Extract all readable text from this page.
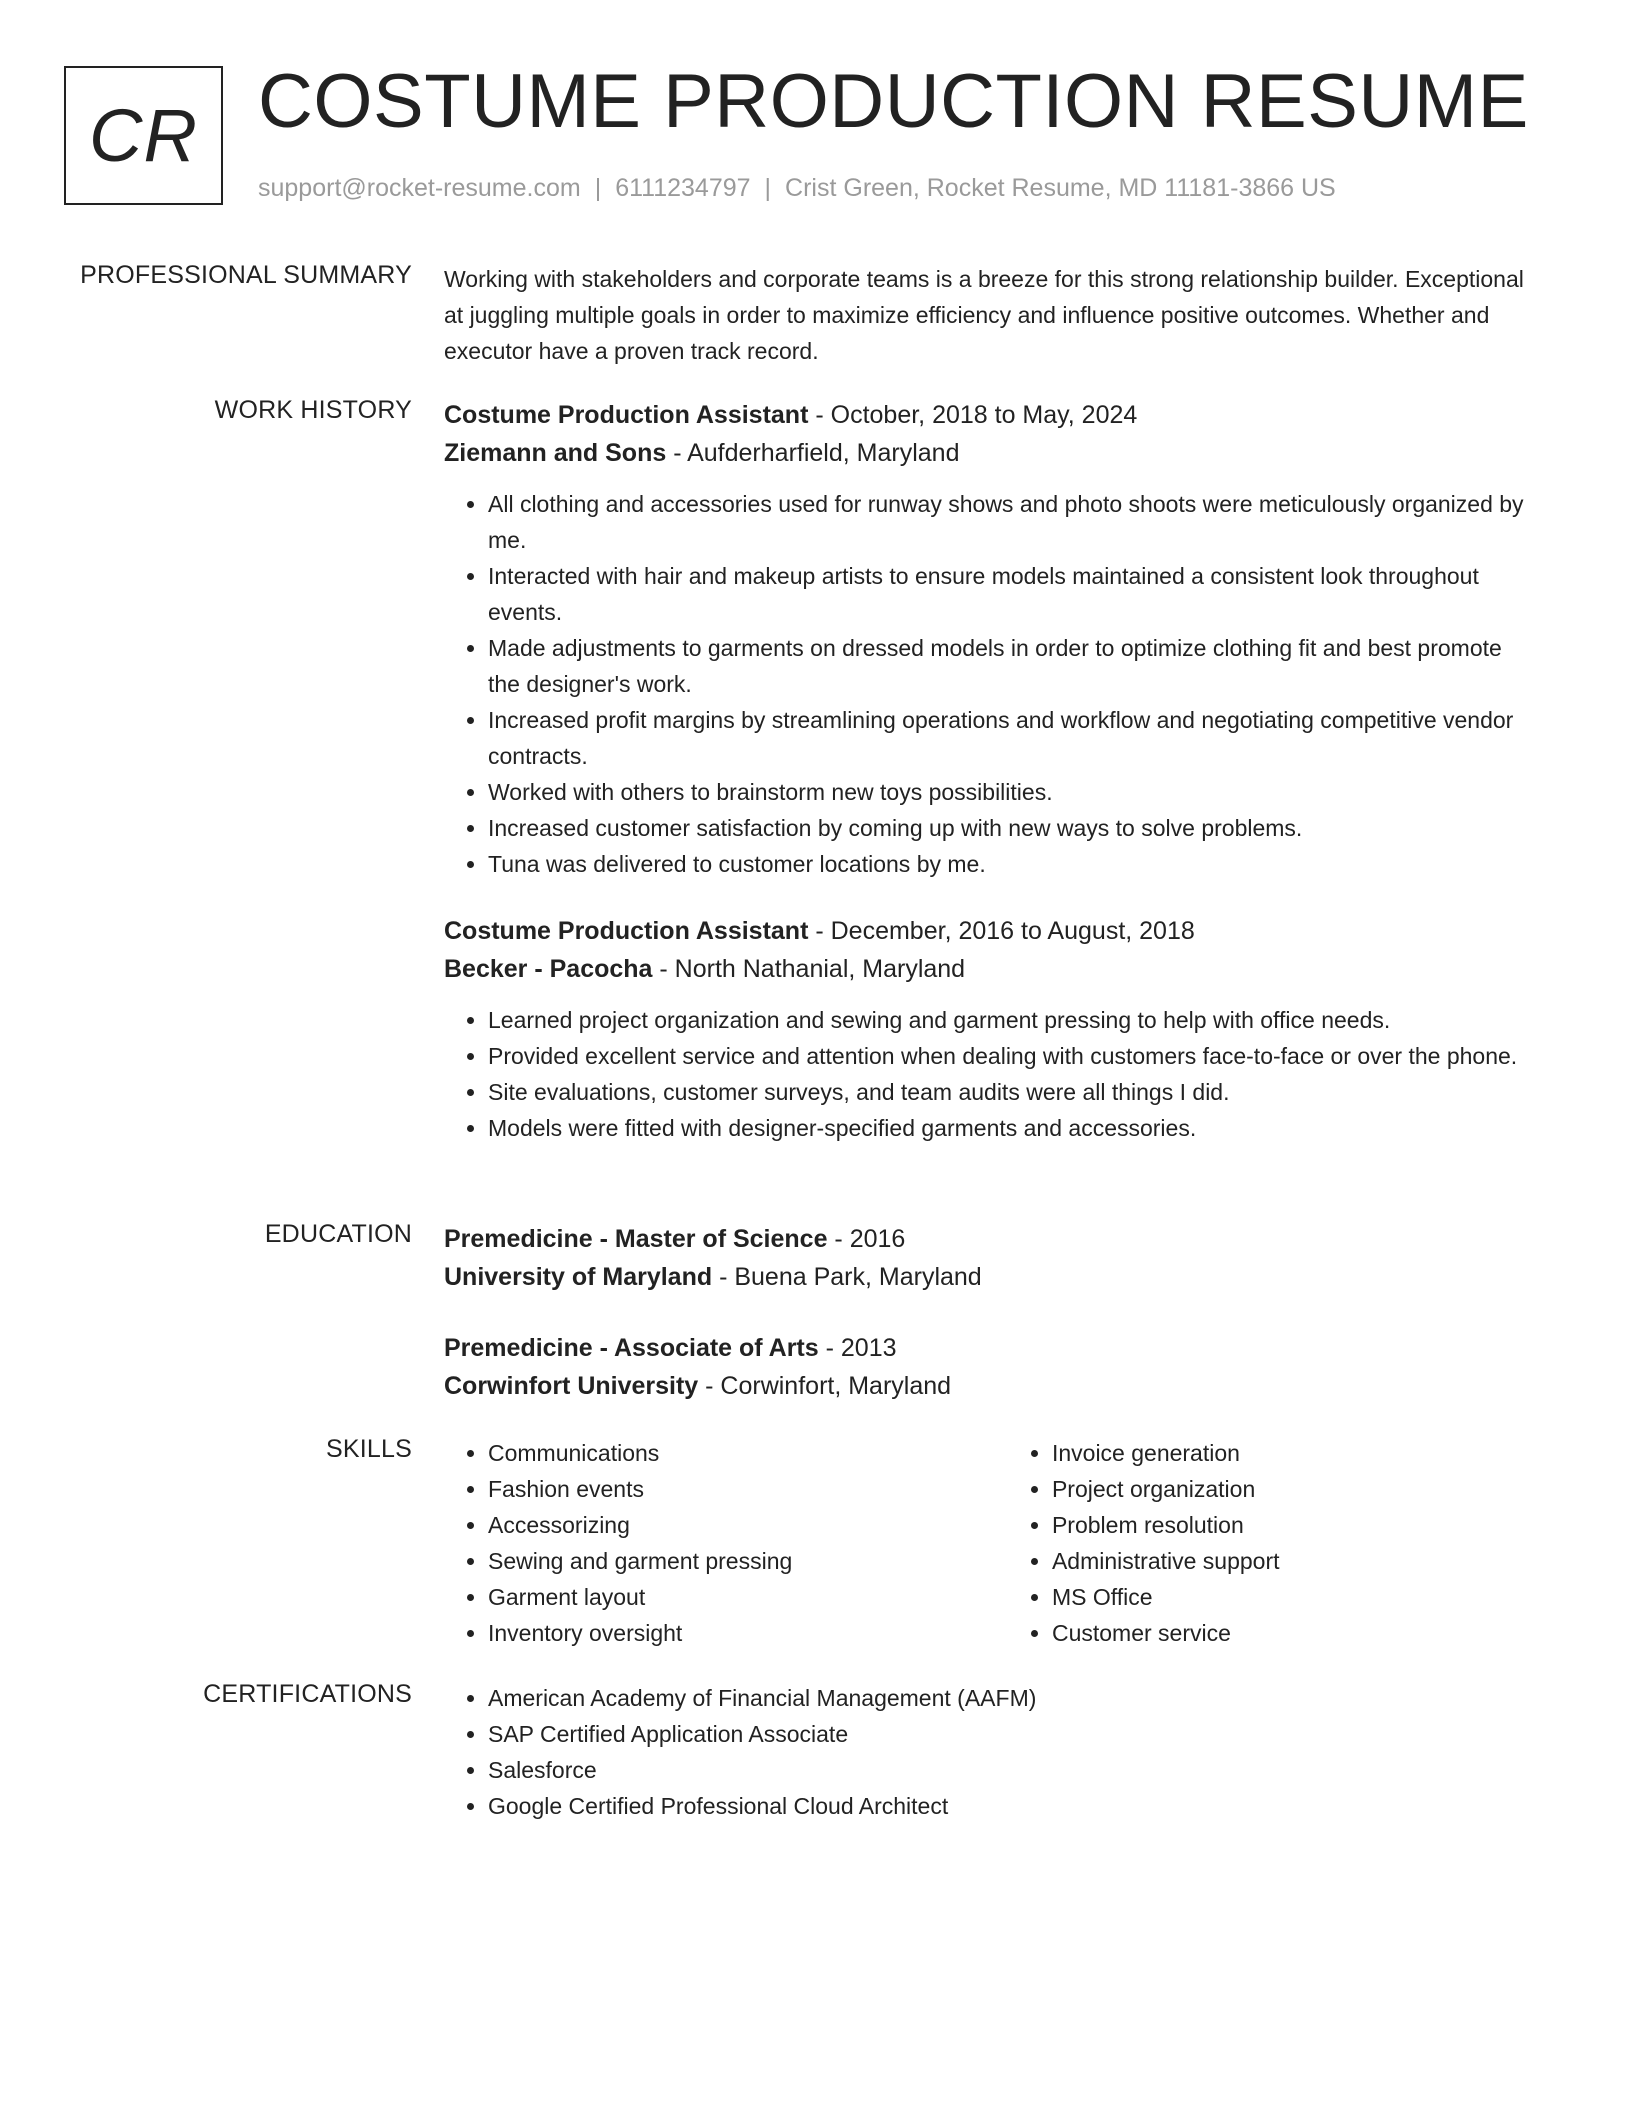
CR COSTUME PRODUCTION RESUME
support@rocket-resume.com | 6111234797 | Crist Green, Rocket Resume, MD 11181-3866 US
PROFESSIONAL SUMMARY Working with stakeholders and corporate teams is a breeze for this strong relationship builder. Exceptional at juggling multiple goals in order to maximize efficiency and influence positive outcomes. Whether and executor have a proven track record.

WORK HISTORY Costume Production Assistant - October, 2018 to May, 2024
Ziemann and Sons - Aufderharfield, Maryland
• All clothing and accessories used for runway shows and photo shoots were meticulously organized by me.
• Interacted with hair and makeup artists to ensure models maintained a consistent look throughout events.
• Made adjustments to garments on dressed models in order to optimize clothing fit and best promote the designer's work.
• Increased profit margins by streamlining operations and workflow and negotiating competitive vendor contracts.
• Worked with others to brainstorm new toys possibilities.
• Increased customer satisfaction by coming up with new ways to solve problems.
• Tuna was delivered to customer locations by me.
Costume Production Assistant - December, 2016 to August, 2018
Becker - Pacocha - North Nathanial, Maryland
• Learned project organization and sewing and garment pressing to help with office needs.
• Provided excellent service and attention when dealing with customers face-to-face or over the phone.
• Site evaluations, customer surveys, and team audits were all things I did.
• Models were fitted with designer-specified garments and accessories.
EDUCATION Premedicine - Master of Science - 2016
University of Maryland - Buena Park, Maryland
Premedicine - Associate of Arts - 2013
Corwinfort University - Corwinfort, Maryland
SKILLS	• Communications
• Fashion events
• Accessorizing
• Sewing and garment pressing
• Garment layout
• Inventory oversight
• Invoice generation
• Project organization
• Problem resolution
• Administrative support
• MS Office
• Customer service
CERTIFICATIONS	• American Academy of Financial Management (AAFM)
• SAP Certified Application Associate
• Salesforce
• Google Certified Professional Cloud Architect
